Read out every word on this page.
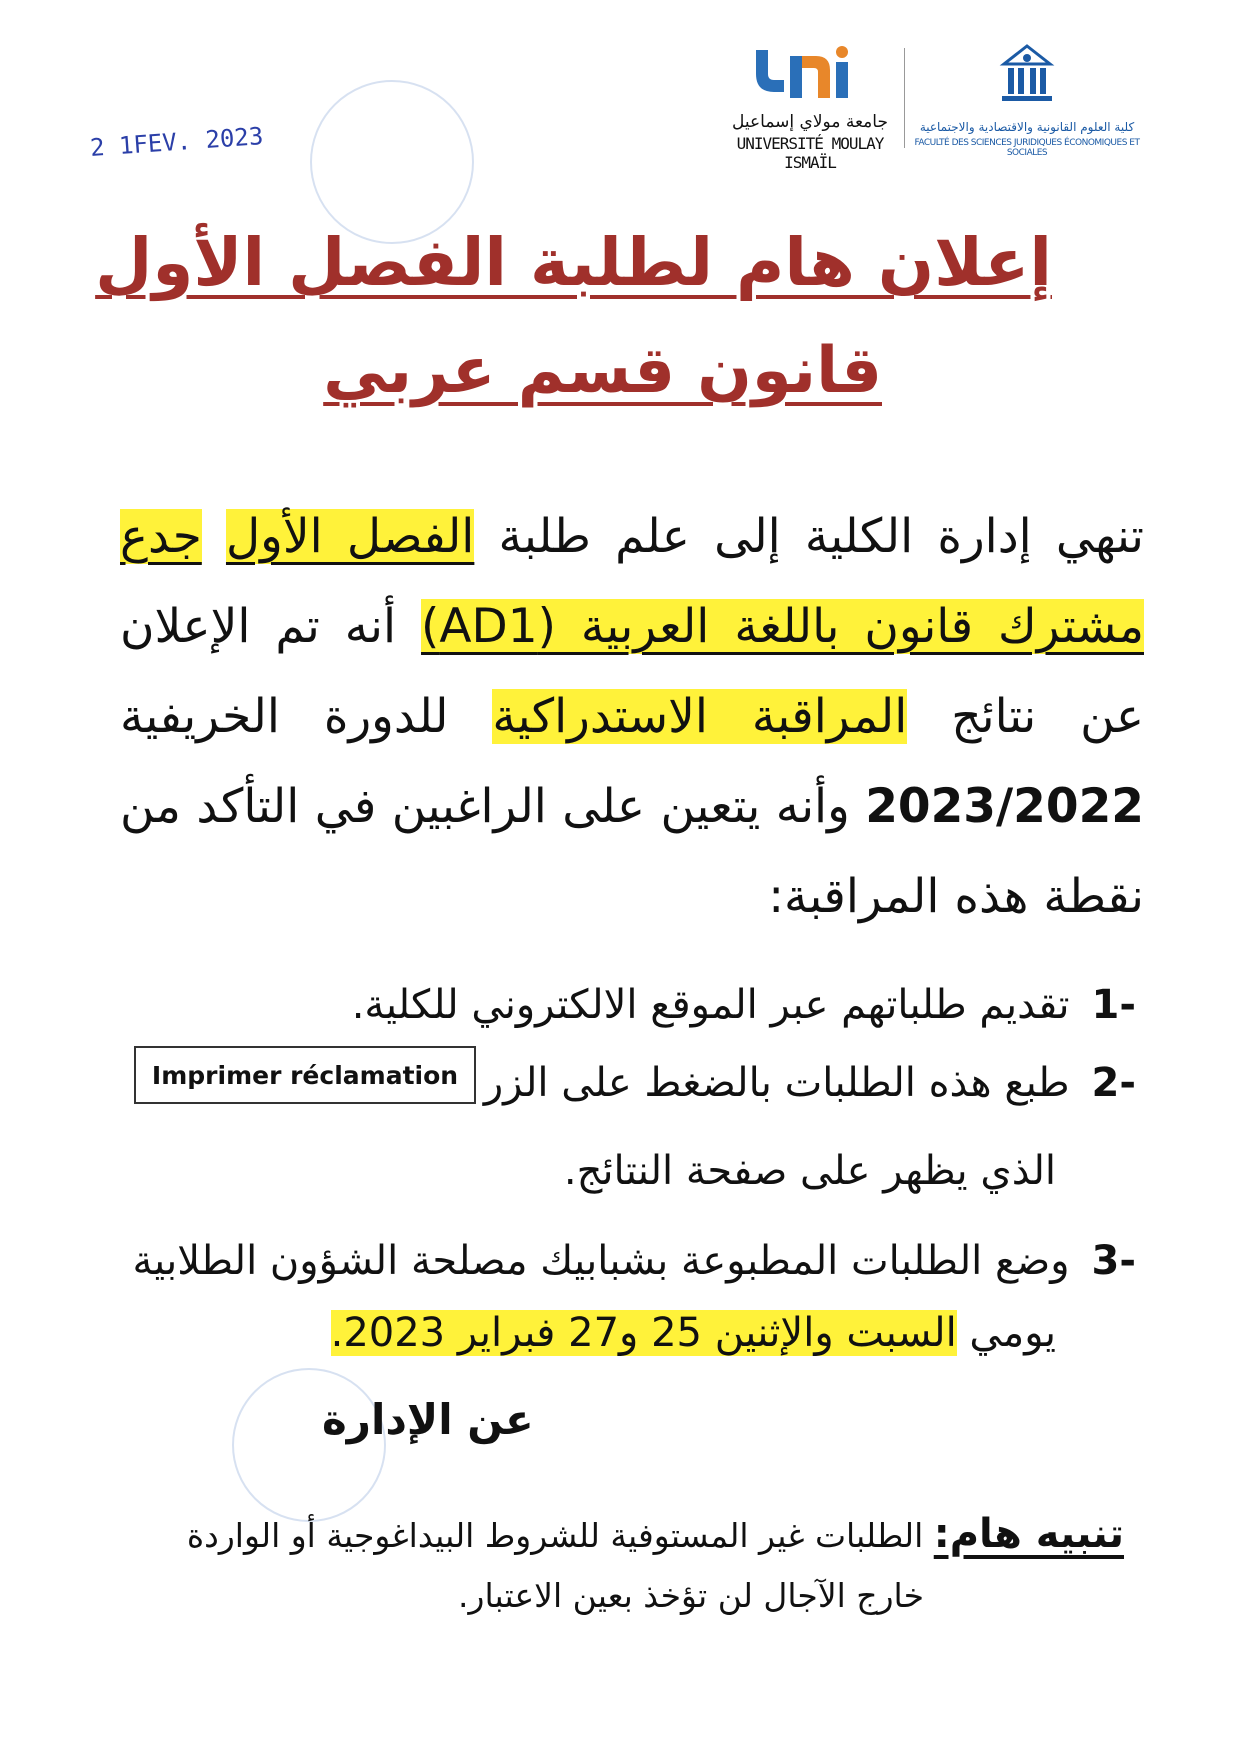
جامعة مولاي إسماعيل
UNIVERSITÉ MOULAY ISMAÏL
كلية العلوم القانونية والاقتصادية والاجتماعية
FACULTÉ DES SCIENCES JURIDIQUES ÉCONOMIQUES ET SOCIALES
2 1FEV. 2023
إعلان هام لطلبة الفصل الأول
قانون قسم عربي
تنهي إدارة الكلية إلى علم طلبة الفصل الأول جدع مشترك قانون باللغة العربية (AD1) أنه تم الإعلان عن نتائج المراقبة الاستدراكية للدورة الخريفية 2023/2022 وأنه يتعين على الراغبين في التأكد من نقطة هذه المراقبة:
-1تقديم طلباتهم عبر الموقع الالكتروني للكلية.
-2طبع هذه الطلبات بالضغط على الزر
Imprimer réclamation
الذي يظهر على صفحة النتائج.
-3وضع الطلبات المطبوعة بشبابيك مصلحة الشؤون الطلابية
يومي السبت والإثنين 25 و27 فبراير 2023.
عن الإدارة
تنبيه هام: الطلبات غير المستوفية للشروط البيداغوجية أو الواردة
خارج الآجال لن تؤخذ بعين الاعتبار.
